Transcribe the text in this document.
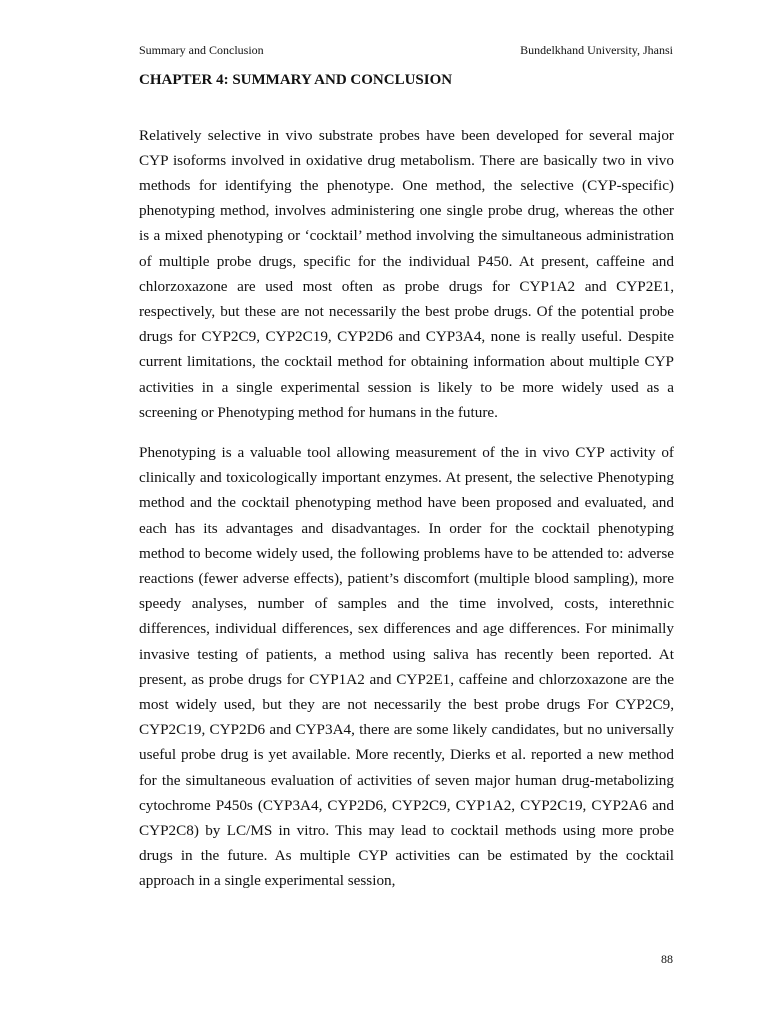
Summary and Conclusion	Bundelkhand University, Jhansi
CHAPTER 4: SUMMARY AND CONCLUSION

Relatively selective in vivo substrate probes have been developed for several major CYP isoforms involved in oxidative drug metabolism. There are basically two in vivo methods for identifying the phenotype. One method, the selective (CYP-specific) phenotyping method, involves administering one single probe drug, whereas the other is a mixed phenotyping or ‘cocktail’ method involving the simultaneous administration of multiple probe drugs, specific for the individual P450. At present, caffeine and chlorzoxazone are used most often as probe drugs for CYP1A2 and CYP2E1, respectively, but these are not necessarily the best probe drugs. Of the potential probe drugs for CYP2C9, CYP2C19, CYP2D6 and CYP3A4, none is really useful. Despite current limitations, the cocktail method for obtaining information about multiple CYP activities in a single experimental session is likely to be more widely used as a screening or Phenotyping method for humans in the future.

Phenotyping is a valuable tool allowing measurement of the in vivo CYP activity of clinically and toxicologically important enzymes. At present, the selective Phenotyping method and the cocktail phenotyping method have been proposed and evaluated, and each has its advantages and disadvantages. In order for the cocktail phenotyping method to become widely used, the following problems have to be attended to: adverse reactions (fewer adverse effects), patient’s discomfort (multiple blood sampling), more speedy analyses, number of samples and the time involved, costs, interethnic differences, individual differences, sex differences and age differences. For minimally invasive testing of patients, a method using saliva has recently been reported. At present, as probe drugs for CYP1A2 and CYP2E1, caffeine and chlorzoxazone are the most widely used, but they are not necessarily the best probe drugs For CYP2C9, CYP2C19, CYP2D6 and CYP3A4, there are some likely candidates, but no universally useful probe drug is yet available. More recently, Dierks et al. reported a new method for the simultaneous evaluation of activities of seven major human drug-metabolizing cytochrome P450s (CYP3A4, CYP2D6, CYP2C9, CYP1A2, CYP2C19, CYP2A6 and CYP2C8) by LC/MS in vitro. This may lead to cocktail methods using more probe drugs in the future. As multiple CYP activities can be estimated by the cocktail approach in a single experimental session,

88
